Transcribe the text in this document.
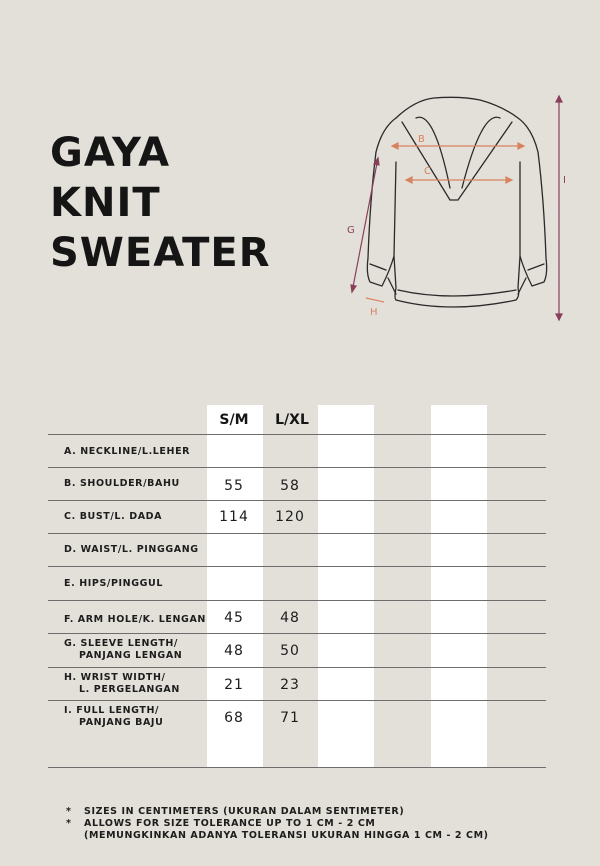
GAYA
KNIT
SWEATER
B
C
G
H
I
S/M	L/XL
A. NECKLINE/L.LEHER
B. SHOULDER/BAHU	55	58
C. BUST/L. DADA	114	120
D. WAIST/L. PINGGANG
E. HIPS/PINGGUL
F. ARM HOLE/K. LENGAN	45	48
G. SLEEVE LENGTH/
PANJANG LENGAN	48	50
H. WRIST WIDTH/
L. PERGELANGAN	21	23
I. FULL LENGTH/
PANJANG BAJU	68	71
*	SIZES IN CENTIMETERS (UKURAN DALAM SENTIMETER)
*	ALLOWS FOR SIZE TOLERANCE UP TO 1 CM - 2 CM
(MEMUNGKINKAN ADANYA TOLERANSI UKURAN HINGGA 1 CM - 2 CM)
